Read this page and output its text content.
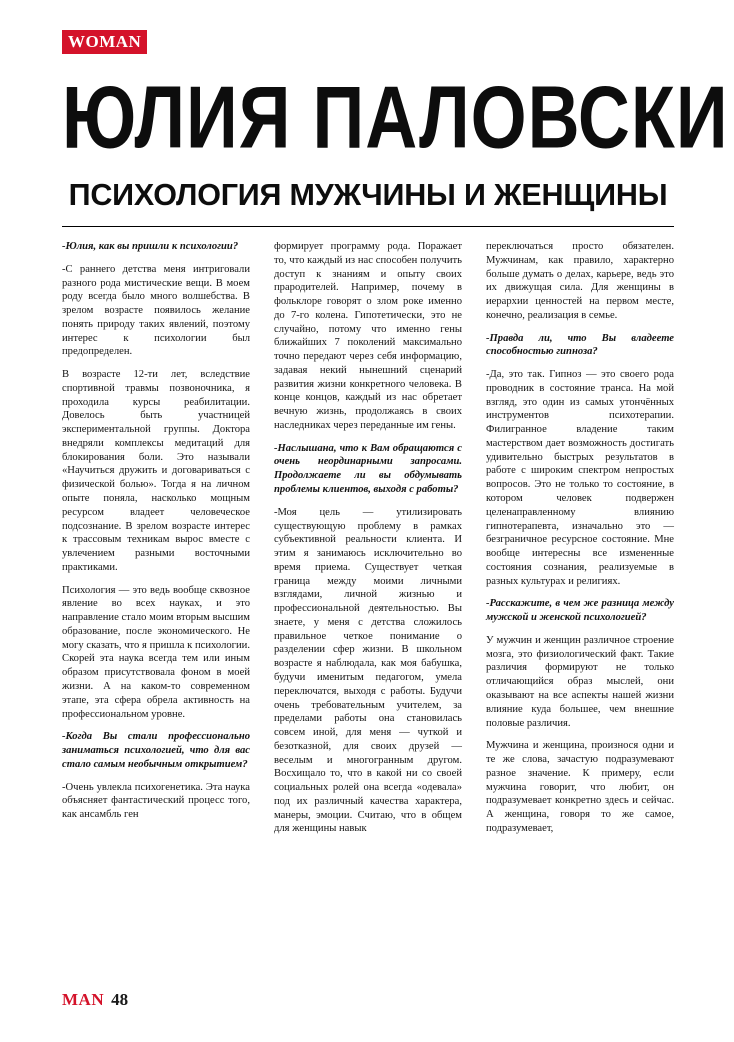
WOMAN
ЮЛИЯ ПАЛОВСКИ
ПСИХОЛОГИЯ МУЖЧИНЫ И ЖЕНЩИНЫ

-Юлия, как вы пришли к психологии?

-С раннего детства меня интриговали разного рода мистические вещи. В моем роду всегда было много волшебства. В зрелом возрасте появилось желание понять природу таких явлений, поэтому интерес к психологии был предопределен.

В возрасте 12-ти лет, вследствие спортивной травмы позвоночника, я проходила курсы реабилитации. Довелось быть участницей экспериментальной группы. Доктора внедряли комплексы медитаций для блокирования боли. Это называли «Научиться дружить и договариваться с физической болью». Тогда я на личном опыте поняла, насколько мощным ресурсом владеет человеческое подсознание. В зрелом возрасте интерес к трассовым техникам вырос вместе с увлечением разными восточными практиками.

Психология — это ведь вообще сквозное явление во всех науках, и это направление стало моим вторым высшим образование, после экономического. Не могу сказать, что я пришла к психологии. Скорей эта наука всегда тем или иным образом присутствовала фоном в моей жизни. А на каком-то современном этапе, эта сфера обрела активность на профессиональном уровне.

-Когда Вы стали профессионально заниматься психологией, что для вас стало самым необычным открытием?

-Очень увлекла психогенетика. Эта наука объясняет фантастический процесс того, как ансамбль ген

формирует программу рода. Поражает то, что каждый из нас способен получить доступ к знаниям и опыту своих прародителей. Например, почему в фольклоре говорят о злом роке именно до 7-го колена. Гипотетически, это не случайно, потому что именно гены ближайших 7 поколений максимально точно передают через себя информацию, задавая некий нынешний сценарий развития жизни конкретного человека. В конце концов, каждый из нас обретает вечную жизнь, продолжаясь в своих наследниках через переданные им гены.

-Наслышана, что к Вам обращаются с очень неординарными запросами. Продолжаете ли вы обдумывать проблемы клиентов, выходя с работы?

-Моя цель — утилизировать существующую проблему в рамках субъективной реальности клиента. И этим я занимаюсь исключительно во время приема. Существует четкая граница между моими личными взглядами, личной жизнью и профессиональной деятельностью. Вы знаете, у меня с детства сложилось правильное четкое понимание о разделении сфер жизни. В школьном возрасте я наблюдала, как моя бабушка, будучи именитым педагогом, умела переключатся, выходя с работы. Будучи очень требовательным учителем, за пределами работы она становилась совсем иной, для меня — чуткой и безотказной, для своих друзей — веселым и многогранным другом. Восхищало то, что в какой ни со своей социальных ролей она всегда «одевала» под их различный качества характера, манеры, эмоции. Считаю, что в общем для женщины навык

переключаться просто обязателен. Мужчинам, как правило, характерно больше думать о делах, карьере, ведь это их движущая сила. Для женщины в иерархии ценностей на первом месте, конечно, реализация в семье.

-Правда ли, что Вы владеете способностью гипноза?

-Да, это так. Гипноз — это своего рода проводник в состояние транса. На мой взгляд, это один из самых утончённых инструментов психотерапии. Филигранное владение таким мастерством дает возможность достигать удивительно быстрых результатов в работе с широким спектром непростых вопросов. Это не только то состояние, в котором человек подвержен целенаправленному влиянию гипнотерапевта, изначально это — безграничное ресурсное состояние. Мне вообще интересны все измененные состояния сознания, реализуемые в разных культурах и религиях.

-Расскажите, в чем же разница между мужской и женской психологией?

У мужчин и женщин различное строение мозга, это физиологический факт. Такие различия формируют не только отличающийся образ мыслей, они оказывают на все аспекты нашей жизни влияние куда большее, чем внешние половые различия.

Мужчина и женщина, произнося одни и те же слова, зачастую подразумевают разное значение. К примеру, если мужчина говорит, что любит, он подразумевает конкретно здесь и сейчас. А женщина, говоря то же самое, подразумевает,

MAN 48
